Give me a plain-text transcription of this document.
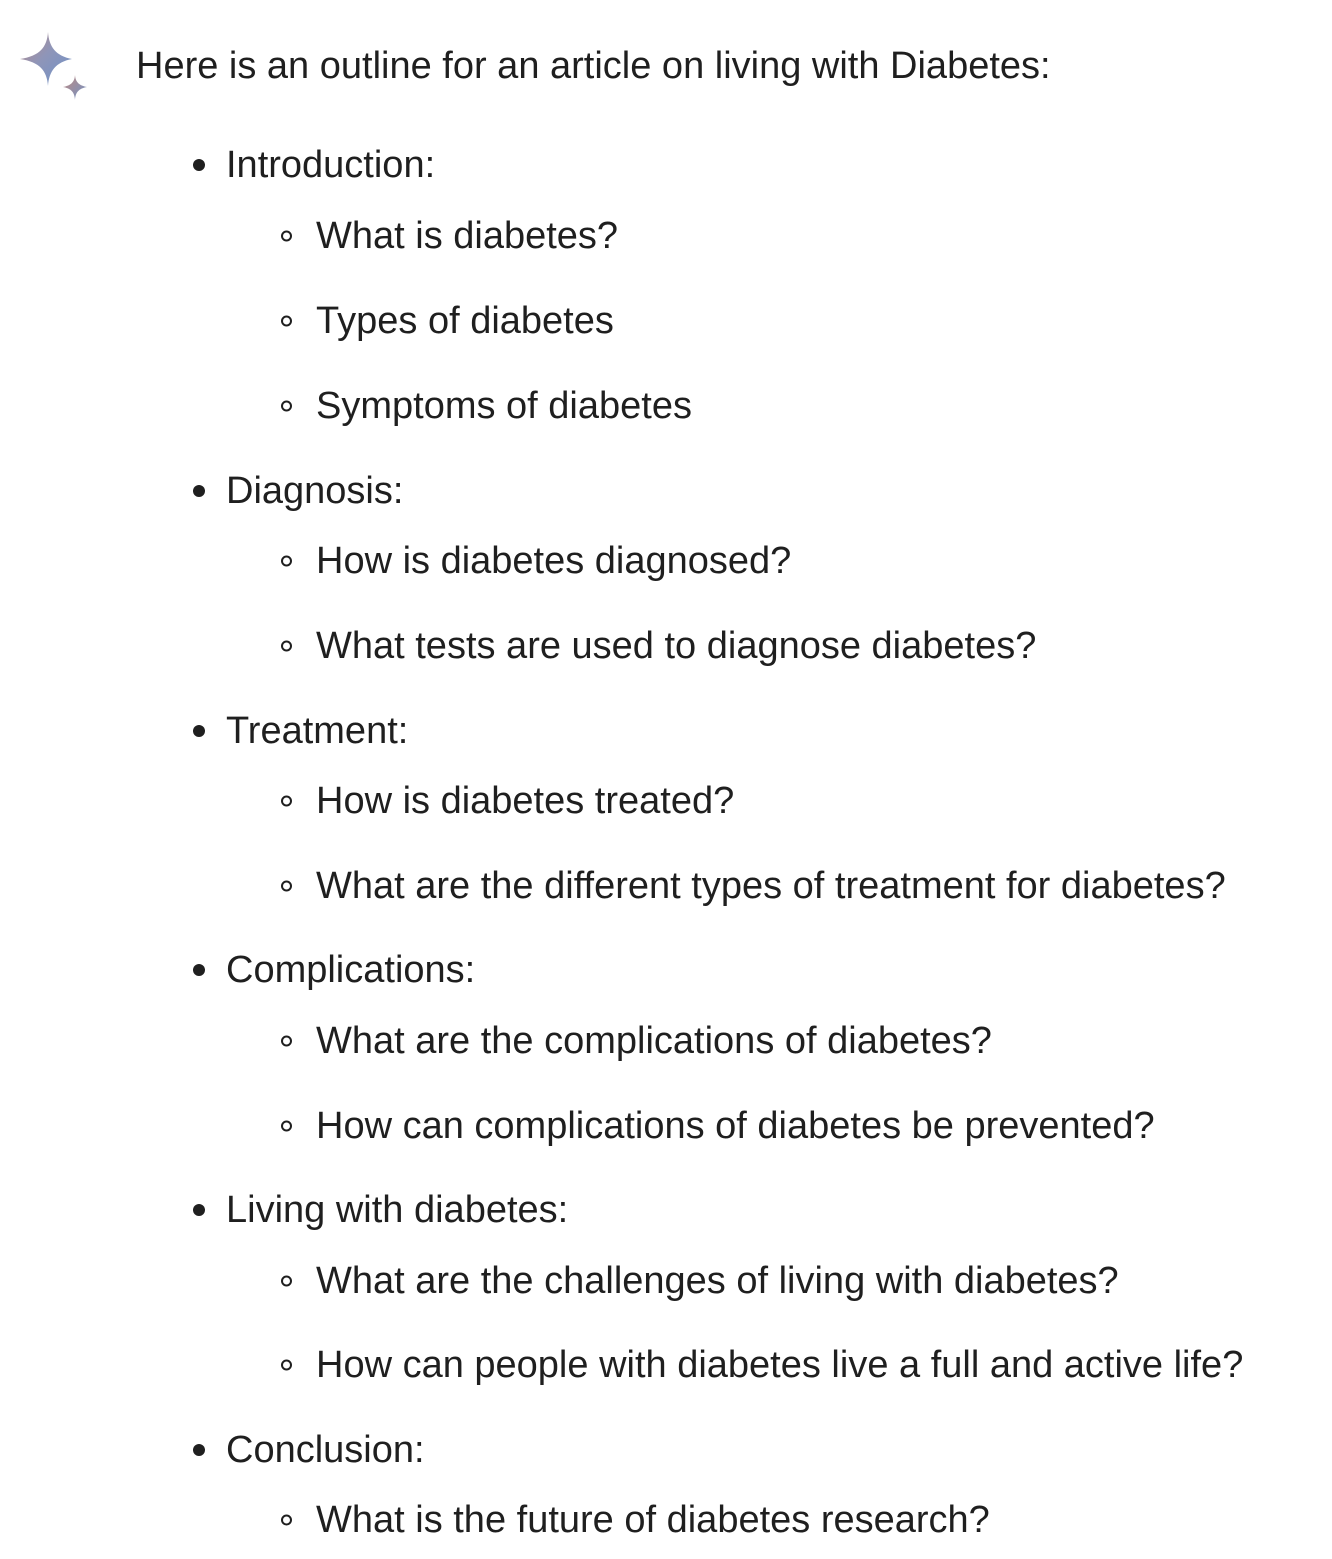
Here is an outline for an article on living with Diabetes:

Introduction:
What is diabetes?
Types of diabetes
Symptoms of diabetes
Diagnosis:
How is diabetes diagnosed?
What tests are used to diagnose diabetes?
Treatment:
How is diabetes treated?
What are the different types of treatment for diabetes?
Complications:
What are the complications of diabetes?
How can complications of diabetes be prevented?
Living with diabetes:
What are the challenges of living with diabetes?
How can people with diabetes live a full and active life?
Conclusion:
What is the future of diabetes research?
